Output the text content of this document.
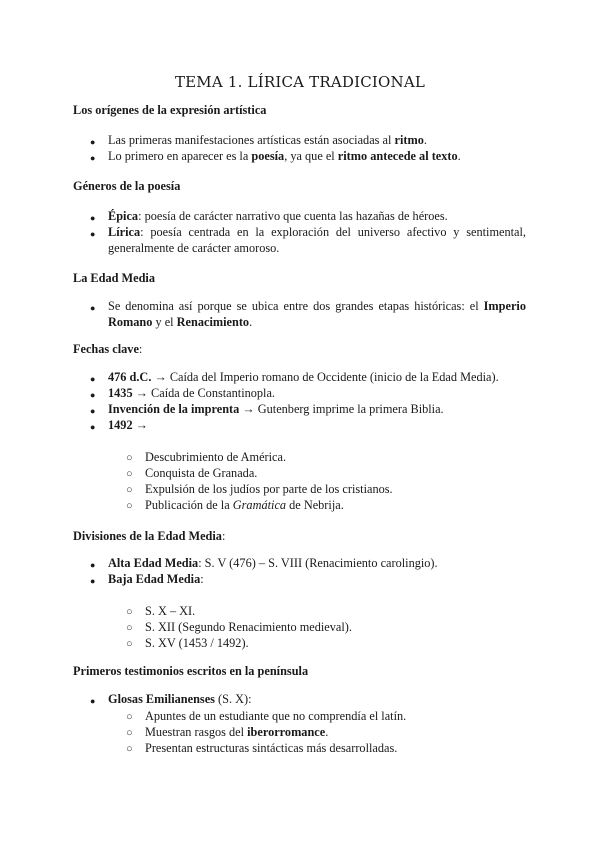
TEMA 1. LÍRICA TRADICIONAL
Los orígenes de la expresión artística
● Las primeras manifestaciones artísticas están asociadas al ritmo.
● Lo primero en aparecer es la poesía, ya que el ritmo antecede al texto.
Géneros de la poesía
● Épica: poesía de carácter narrativo que cuenta las hazañas de héroes.
● Lírica: poesía centrada en la exploración del universo afectivo y sentimental,
generalmente de carácter amoroso.
La Edad Media
● Se denomina así porque se ubica entre dos grandes etapas históricas: el Imperio
Romano y el Renacimiento.
Fechas clave:
● 476 d.C. → Caída del Imperio romano de Occidente (inicio de la Edad Media).
● 1435 → Caída de Constantinopla.
● Invención de la imprenta → Gutenberg imprime la primera Biblia.
● 1492 →
○ Descubrimiento de América.
○ Conquista de Granada.
○ Expulsión de los judíos por parte de los cristianos.
○ Publicación de la Gramática de Nebrija.
Divisiones de la Edad Media:
● Alta Edad Media: S. V (476) – S. VIII (Renacimiento carolingio).
● Baja Edad Media:
○ S. X – XI.
○ S. XII (Segundo Renacimiento medieval).
○ S. XV (1453 / 1492).
Primeros testimonios escritos en la península
● Glosas Emilianenses (S. X):
○ Apuntes de un estudiante que no comprendía el latín.
○ Muestran rasgos del iberorromance.
○ Presentan estructuras sintácticas más desarrolladas.
